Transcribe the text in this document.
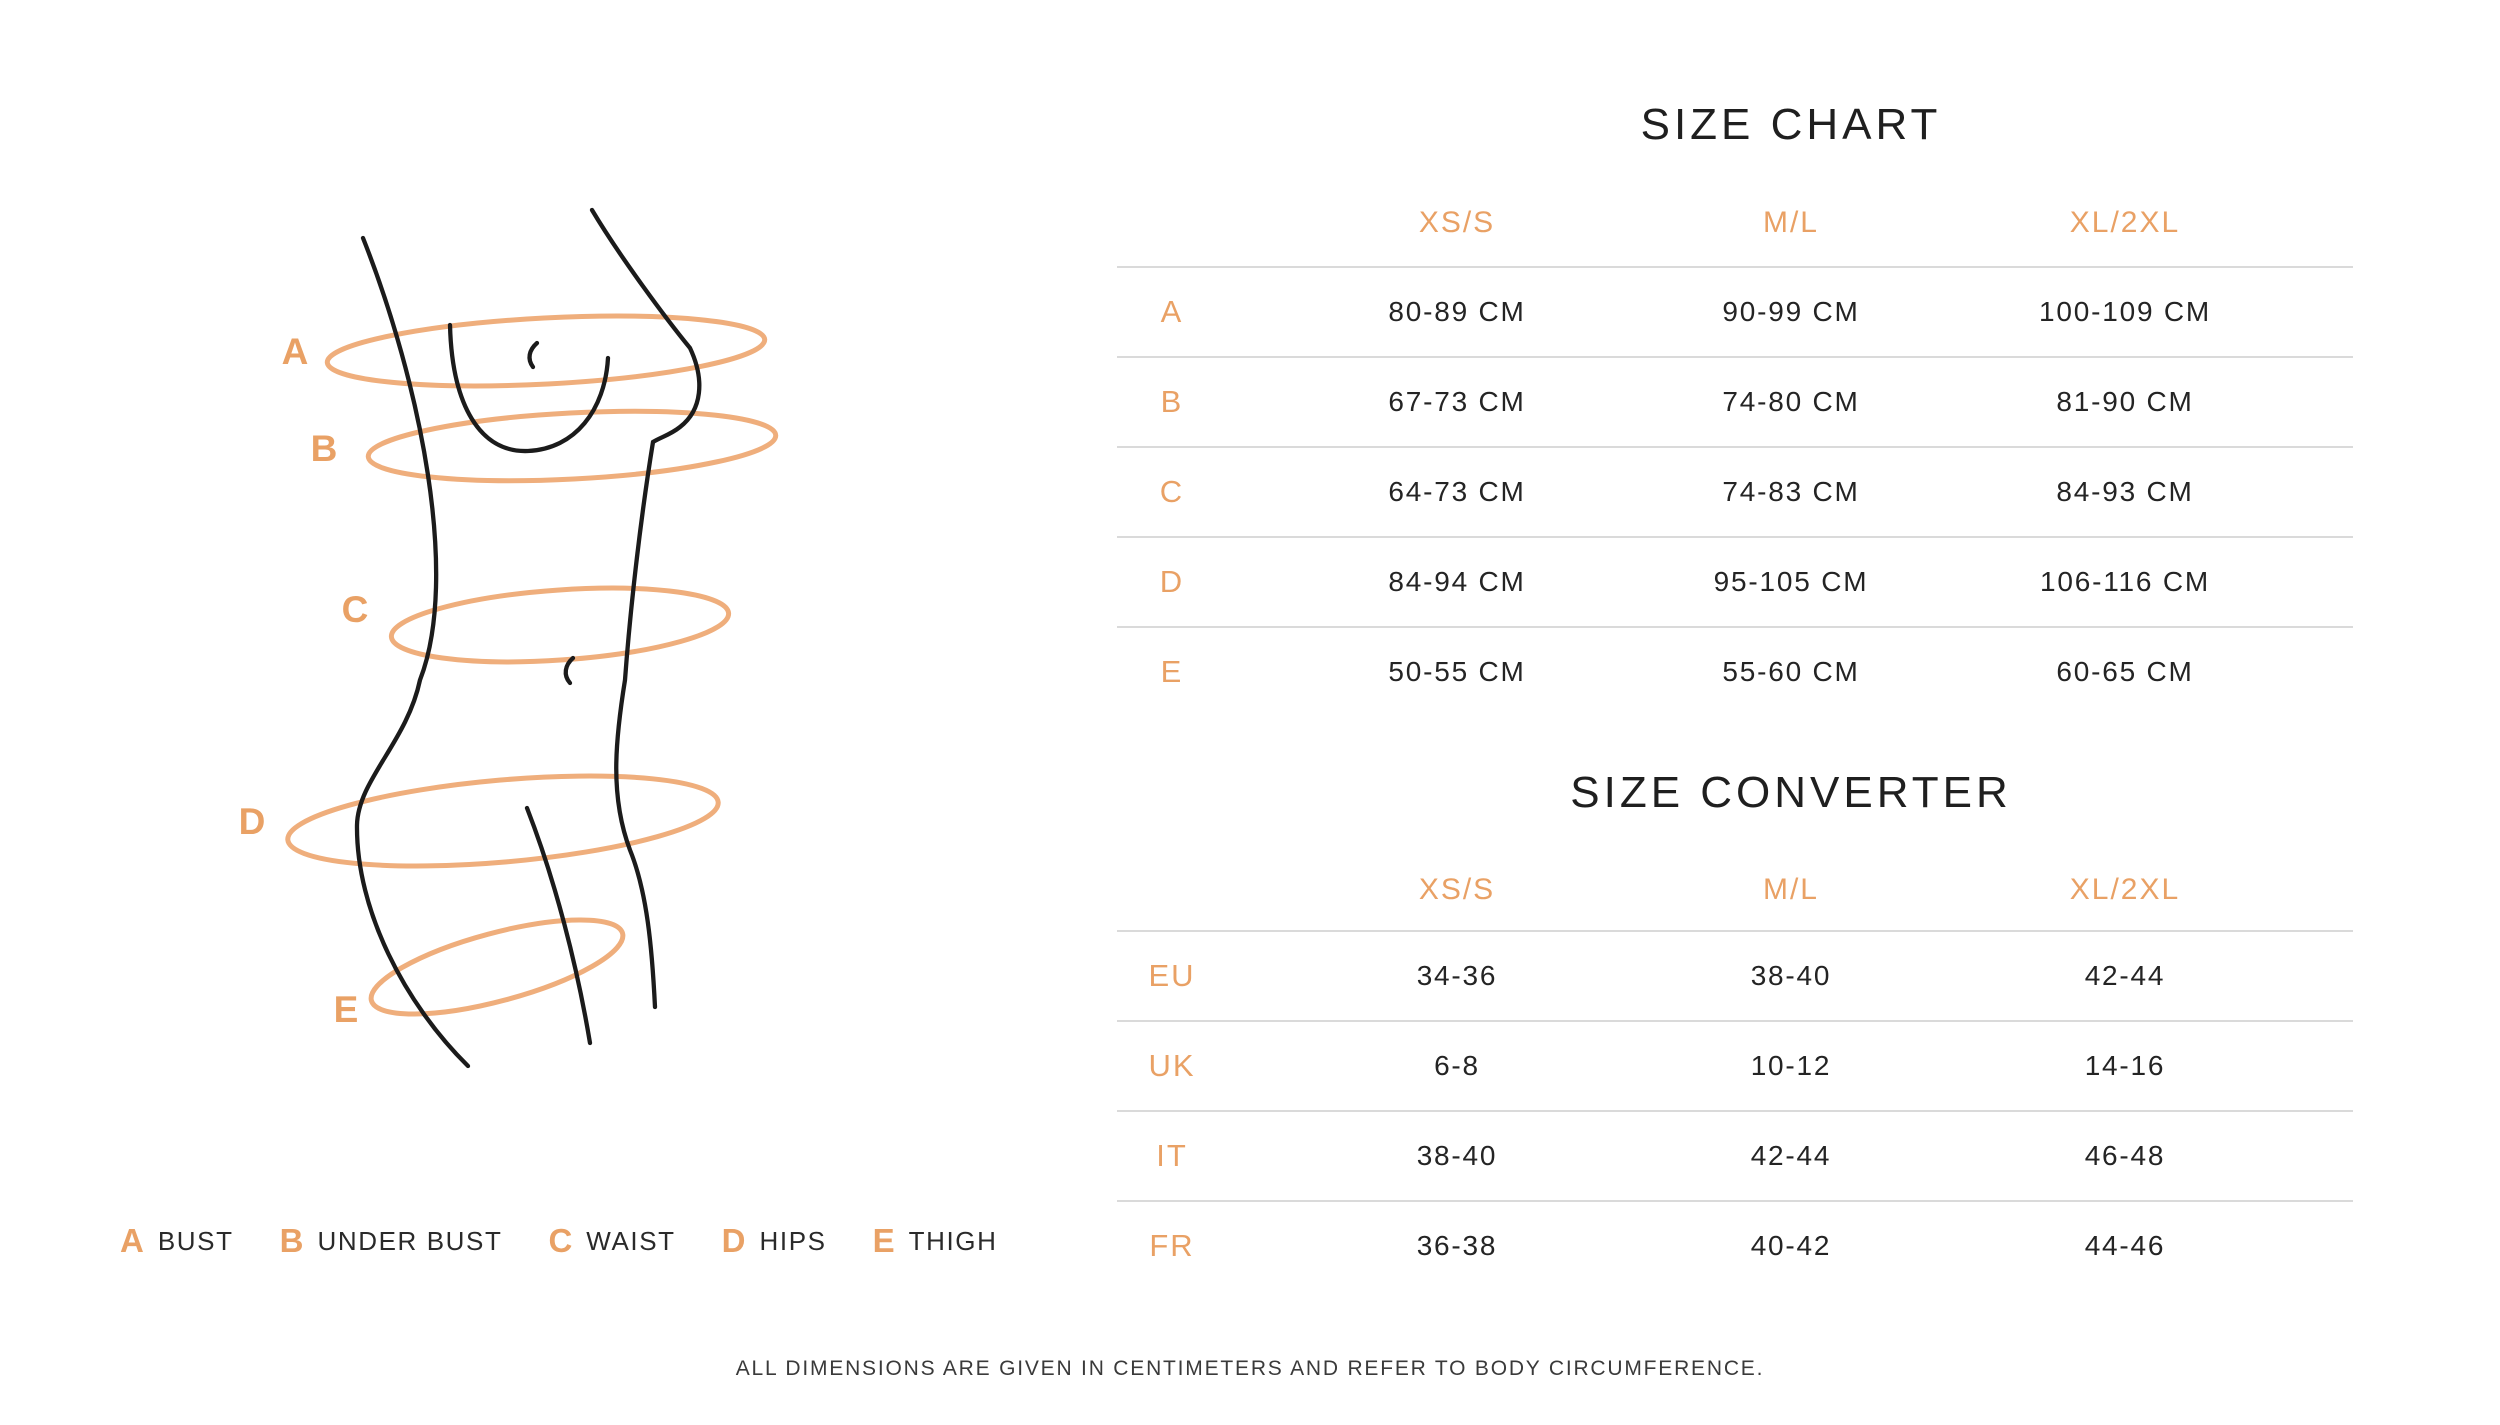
A
B
C
D
E
A BUST B UNDER BUST C WAIST D HIPS E THIGH
SIZE CHART
XS/S	M/L	XL/2XL
A	80-89 CM	90-99 CM	100-109 CM
B	67-73 CM	74-80 CM	81-90 CM
C	64-73 CM	74-83 CM	84-93 CM
D	84-94 CM	95-105 CM	106-116 CM
E	50-55 CM	55-60 CM	60-65 CM
SIZE CONVERTER
XS/S	M/L	XL/2XL
EU	34-36	38-40	42-44
UK	6-8	10-12	14-16
IT	38-40	42-44	46-48
FR	36-38	40-42	44-46
ALL DIMENSIONS ARE GIVEN IN CENTIMETERS AND REFER TO BODY CIRCUMFERENCE.
